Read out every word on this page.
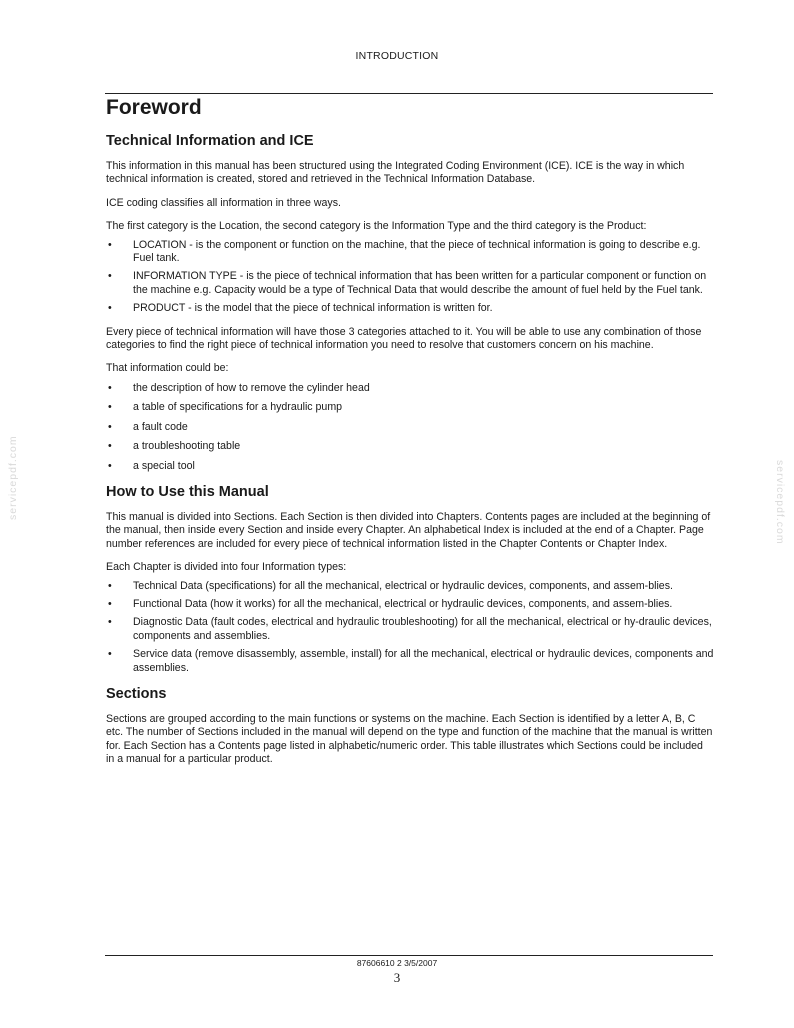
INTRODUCTION
Foreword
servicepdf.com	servicepdf.com
Technical Information and ICE

This information in this manual has been structured using the Integrated Coding Environment (ICE). ICE is the way in which technical information is created, stored and retrieved in the Technical Information Database.

ICE coding classifies all information in three ways.

The first category is the Location, the second category is the Information Type and the third category is the Product:

• LOCATION - is the component or function on the machine, that the piece of technical information is going to describe e.g. Fuel tank.
• INFORMATION TYPE - is the piece of technical information that has been written for a particular component or function on the machine e.g. Capacity would be a type of Technical Data that would describe the amount of fuel held by the Fuel tank.
• PRODUCT - is the model that the piece of technical information is written for.

Every piece of technical information will have those 3 categories attached to it. You will be able to use any combination of those categories to find the right piece of technical information you need to resolve that customers concern on his machine.

That information could be:

• the description of how to remove the cylinder head
• a table of specifications for a hydraulic pump
• a fault code
• a troubleshooting table
• a special tool
How to Use this Manual

This manual is divided into Sections. Each Section is then divided into Chapters. Contents pages are included at the beginning of the manual, then inside every Section and inside every Chapter. An alphabetical Index is included at the end of a Chapter. Page number references are included for every piece of technical information listed in the Chapter Contents or Chapter Index.

Each Chapter is divided into four Information types:

• Technical Data (specifications) for all the mechanical, electrical or hydraulic devices, components, and assem-blies.
• Functional Data (how it works) for all the mechanical, electrical or hydraulic devices, components, and assem-blies.
• Diagnostic Data (fault codes, electrical and hydraulic troubleshooting) for all the mechanical, electrical or hy-draulic devices, components and assemblies.
• Service data (remove disassembly, assemble, install) for all the mechanical, electrical or hydraulic devices, components and assemblies.
Sections

Sections are grouped according to the main functions or systems on the machine. Each Section is identified by a letter A, B, C etc. The number of Sections included in the manual will depend on the type and function of the machine that the manual is written for. Each Section has a Contents page listed in alphabetic/numeric order. This table illustrates which Sections could be included in a manual for a particular product.

87606610 2 3/5/2007
3
